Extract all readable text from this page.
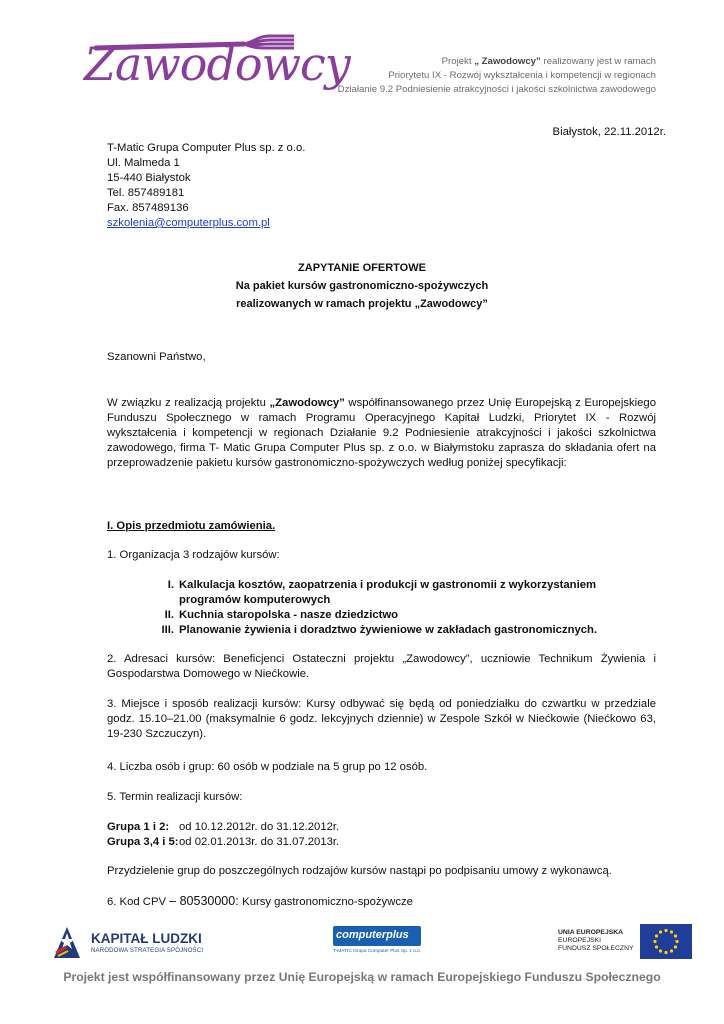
Zawodowcy	Projekt „ Zawodowcy” realizowany jest w ramach
Priorytetu IX - Rozwój wykształcenia i kompetencji w regionach
Działanie 9.2 Podniesienie atrakcyjności i jakości szkolnictwa zawodowego
Białystok, 22.11.2012r.
T-Matic Grupa Computer Plus sp. z o.o.
Ul. Malmeda 1
15-440 Białystok
Tel. 857489181
Fax. 857489136
szkolenia@computerplus.com.pl
ZAPYTANIE OFERTOWE
Na pakiet kursów gastronomiczno-spożywczych
realizowanych w ramach projektu „Zawodowcy”
Szanowni Państwo,
W związku z realizacją projektu „Zawodowcy” współfinansowanego przez Unię Europejską z Europejskiego Funduszu Społecznego w ramach Programu Operacyjnego Kapitał Ludzki, Priorytet IX - Rozwój wykształcenia i kompetencji w regionach Działanie 9.2 Podniesienie atrakcyjności i jakości szkolnictwa zawodowego, firma T- Matic Grupa Computer Plus sp. z o.o. w Białymstoku zaprasza do składania ofert na przeprowadzenie pakietu kursów gastronomiczno-spożywczych według poniżej specyfikacji:
I. Opis przedmiotu zamówienia.
1. Organizacja 3 rodzajów kursów:
I. Kalkulacja kosztów, zaopatrzenia i produkcji w gastronomii z wykorzystaniem programów komputerowych
II. Kuchnia staropolska - nasze dziedzictwo
III. Planowanie żywienia i doradztwo żywieniowe w zakładach gastronomicznych.
2. Adresaci kursów: Beneficjenci Ostateczni projektu „Zawodowcy”, uczniowie Technikum Żywienia i Gospodarstwa Domowego w Niećkowie.
3. Miejsce i sposób realizacji kursów: Kursy odbywać się będą od poniedziałku do czwartku w przedziale godz. 15.10–21.00 (maksymalnie 6 godz. lekcyjnych dziennie) w Zespole Szkół w Niećkowie (Niećkowo 63, 19-230 Szczuczyn).
4. Liczba osób i grup: 60 osób w podziale na 5 grup po 12 osób.
5. Termin realizacji kursów:
Grupa 1 i 2: od 10.12.2012r. do 31.12.2012r.
Grupa 3,4 i 5:od 02.01.2013r. do 31.07.2013r.
Przydzielenie grup do poszczególnych rodzajów kursów nastąpi po podpisaniu umowy z wykonawcą.
6. Kod CPV – 80530000: Kursy gastronomiczno-spożywcze
KAPITAŁ LUDZKI
NARODOWA STRATEGIA SPÓJNOŚCI
computerplus
T-MATIC Grupa Computer Plus Sp. z o.o.
UNIA EUROPEJSKA
EUROPEJSKI
FUNDUSZ SPOŁECZNY
Projekt jest współfinansowany przez Unię Europejską w ramach Europejskiego Funduszu Społecznego
